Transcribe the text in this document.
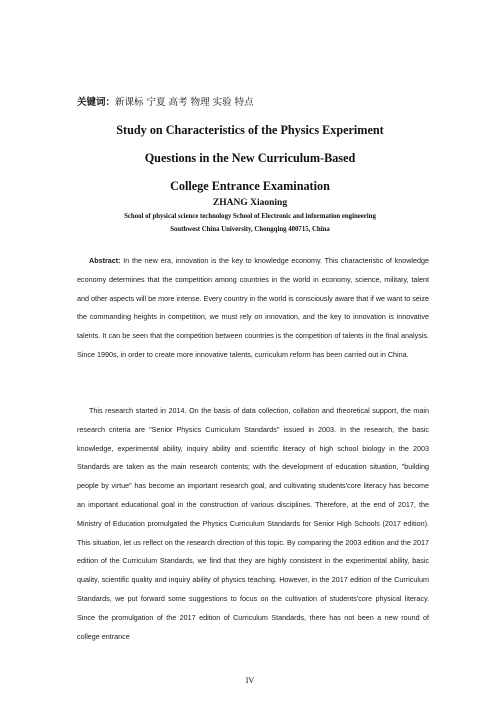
关键词：新课标 宁夏 高考 物理 实验 特点
Study on Characteristics of the Physics Experiment
Questions in the New Curriculum-Based
College Entrance Examination
ZHANG Xiaoning
School of physical science technology School of Electronic and information engineering
Southwest China University, Chongqing 400715, China
Abstract: In the new era, innovation is the key to knowledge economy. This characteristic of knowledge economy determines that the competition among countries in the world in economy, science, military, talent and other aspects will be more intense. Every country in the world is consciously aware that if we want to seize the commanding heights in competition, we must rely on innovation, and the key to innovation is innovative talents. It can be seen that the competition between countries is the competition of talents in the final analysis. Since 1990s, in order to create more innovative talents, curriculum reform has been carried out in China.
This research started in 2014. On the basis of data collection, collation and theoretical support, the main research criteria are "Senior Physics Curriculum Standards" issued in 2003. In the research, the basic knowledge, experimental ability, inquiry ability and scientific literacy of high school biology in the 2003 Standards are taken as the main research contents; with the development of education situation, "building people by virtue" has become an important research goal, and cultivating students'core literacy has become an important educational goal in the construction of various disciplines. Therefore, at the end of 2017, the Ministry of Education promulgated the Physics Curriculum Standards for Senior High Schools (2017 edition). This situation, let us reflect on the research direction of this topic. By comparing the 2003 edition and the 2017 edition of the Curriculum Standards, we find that they are highly consistent in the experimental ability, basic quality, scientific quality and inquiry ability of physics teaching. However, in the 2017 edition of the Curriculum Standards, we put forward some suggestions to focus on the cultivation of students'core physical literacy. Since the promulgation of the 2017 edition of Curriculum Standards, there has not been a new round of college entrance
IV
